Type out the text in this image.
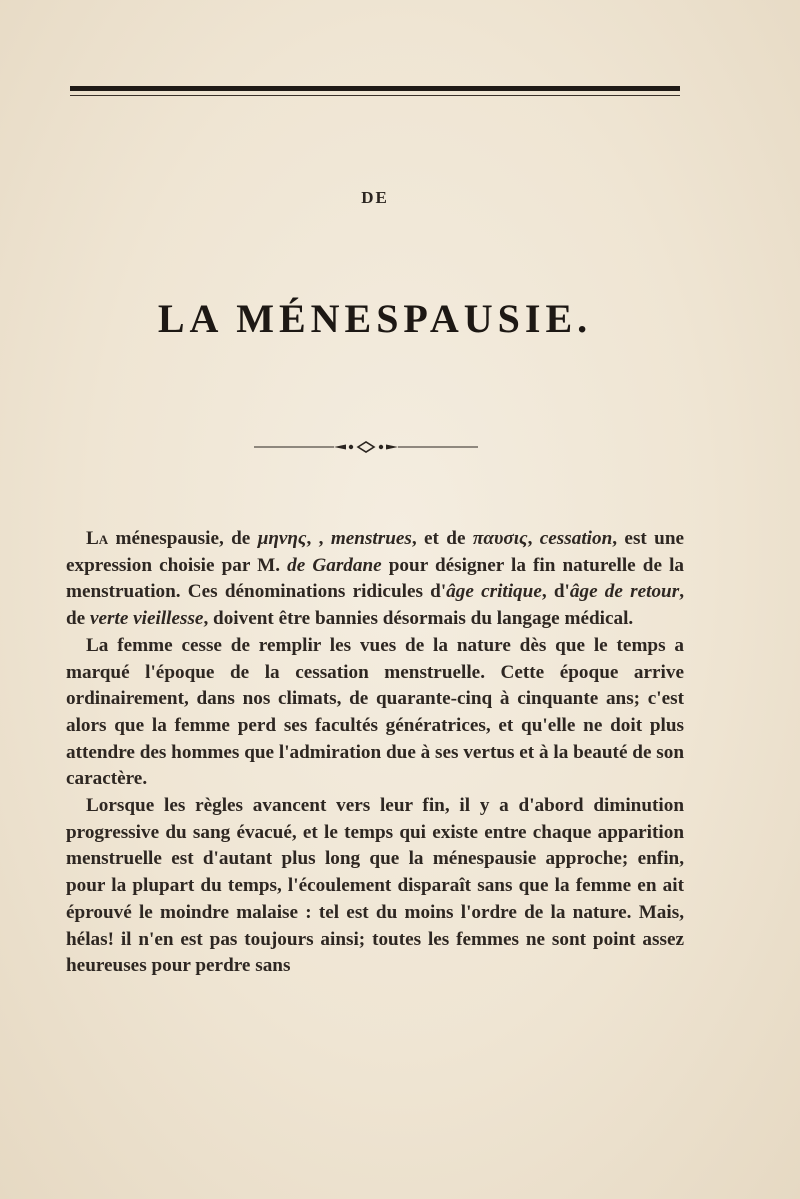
DE
LA MÉNESPAUSIE.

La ménespausie, de μηνης, , menstrues, et de παυσις, cessation, est une expression choisie par M. de Gardane pour désigner la fin naturelle de la menstruation. Ces dénominations ridicules d'âge critique, d'âge de retour, de verte vieillesse, doivent être bannies désormais du langage médical.

La femme cesse de remplir les vues de la nature dès que le temps a marqué l'époque de la cessation menstruelle. Cette époque arrive ordinairement, dans nos climats, de quarante-cinq à cinquante ans; c'est alors que la femme perd ses facultés génératrices, et qu'elle ne doit plus attendre des hommes que l'admiration due à ses vertus et à la beauté de son caractère.

Lorsque les règles avancent vers leur fin, il y a d'abord diminution progressive du sang évacué, et le temps qui existe entre chaque apparition menstruelle est d'autant plus long que la ménespausie approche; enfin, pour la plupart du temps, l'écoulement disparaît sans que la femme en ait éprouvé le moindre malaise : tel est du moins l'ordre de la nature. Mais, hélas! il n'en est pas toujours ainsi; toutes les femmes ne sont point assez heureuses pour perdre sans
